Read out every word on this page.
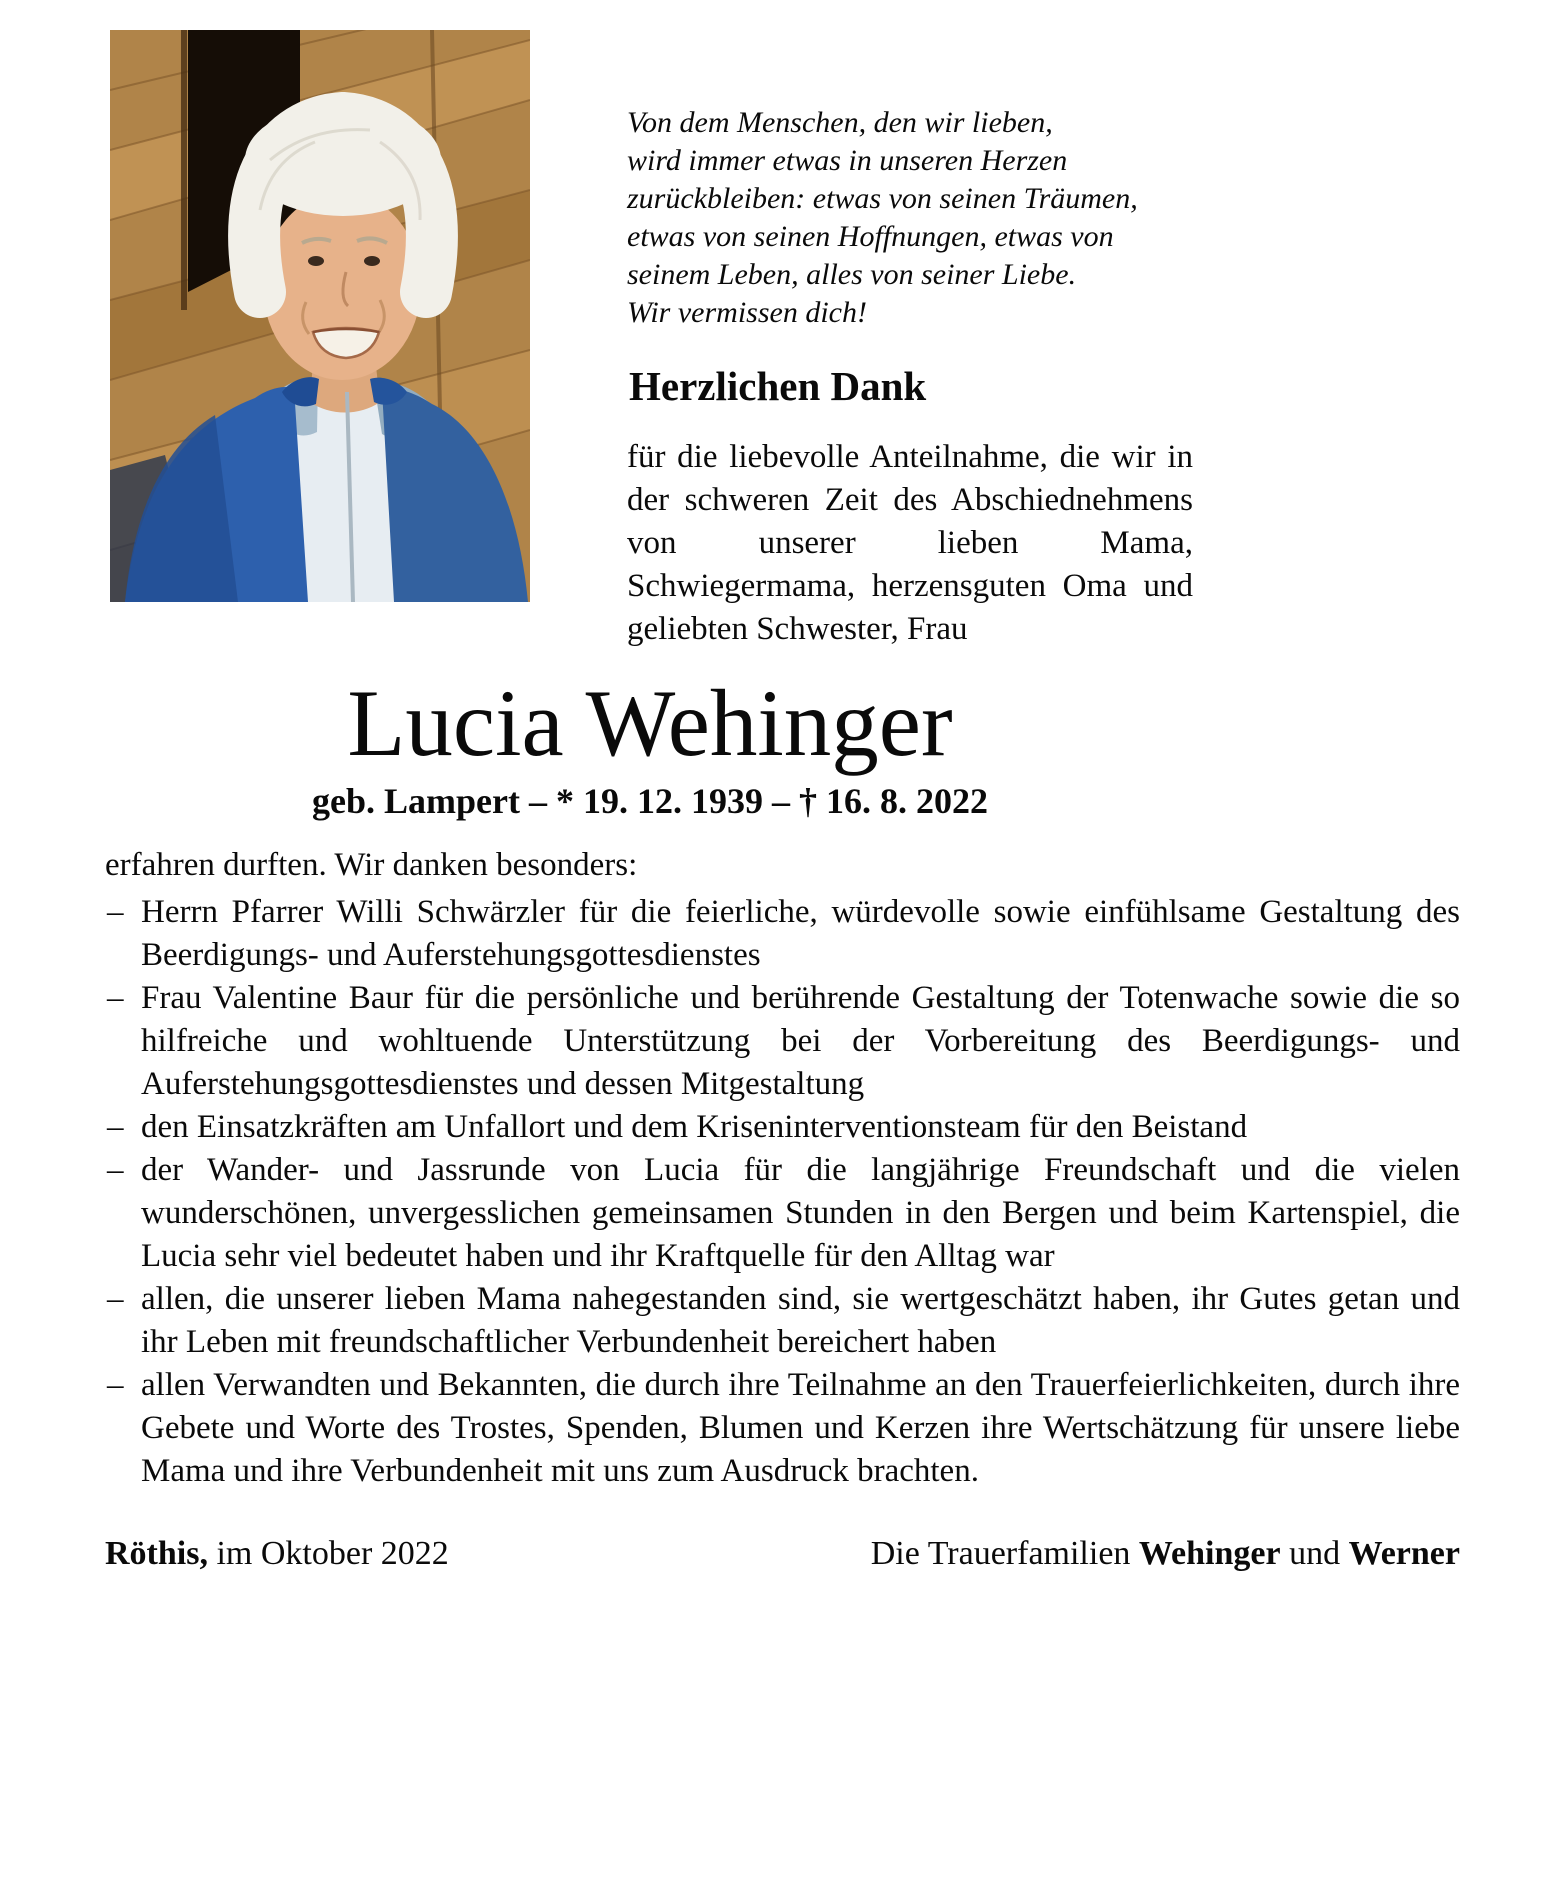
Von dem Menschen, den wir lieben,
wird immer etwas in unseren Herzen
zurückbleiben: etwas von seinen Träumen,
etwas von seinen Hoffnungen, etwas von
seinem Leben, alles von seiner Liebe.
Wir vermissen dich!
Herzlichen Dank

für die liebevolle Anteilnahme, die wir in der schweren Zeit des Abschiednehmens von unserer lieben Mama, Schwiegermama, herzensguten Oma und geliebten Schwester, Frau

Lucia Wehinger
geb. Lampert – * 19. 12. 1939 – † 16. 8. 2022

erfahren durften. Wir danken besonders:

– Herrn Pfarrer Willi Schwärzler für die feierliche, würdevolle sowie einfühlsame Gestaltung des Beerdigungs- und Auferstehungsgottesdienstes
– Frau Valentine Baur für die persönliche und berührende Gestaltung der Totenwache sowie die so hilfreiche und wohltuende Unterstützung bei der Vorbereitung des Beerdigungs- und Auferstehungsgottesdienstes und dessen Mitgestaltung
– den Einsatzkräften am Unfallort und dem Kriseninterventionsteam für den Beistand
– der Wander- und Jassrunde von Lucia für die langjährige Freundschaft und die vielen wunderschönen, unvergesslichen gemeinsamen Stunden in den Bergen und beim Kartenspiel, die Lucia sehr viel bedeutet haben und ihr Kraftquelle für den Alltag war
– allen, die unserer lieben Mama nahegestanden sind, sie wertgeschätzt haben, ihr Gutes getan und ihr Leben mit freundschaftlicher Verbundenheit bereichert haben
– allen Verwandten und Bekannten, die durch ihre Teilnahme an den Trauerfeierlichkeiten, durch ihre Gebete und Worte des Trostes, Spenden, Blumen und Kerzen ihre Wertschätzung für unsere liebe Mama und ihre Verbundenheit mit uns zum Ausdruck brachten.
Röthis, im Oktober 2022	Die Trauerfamilien Wehinger und Werner
